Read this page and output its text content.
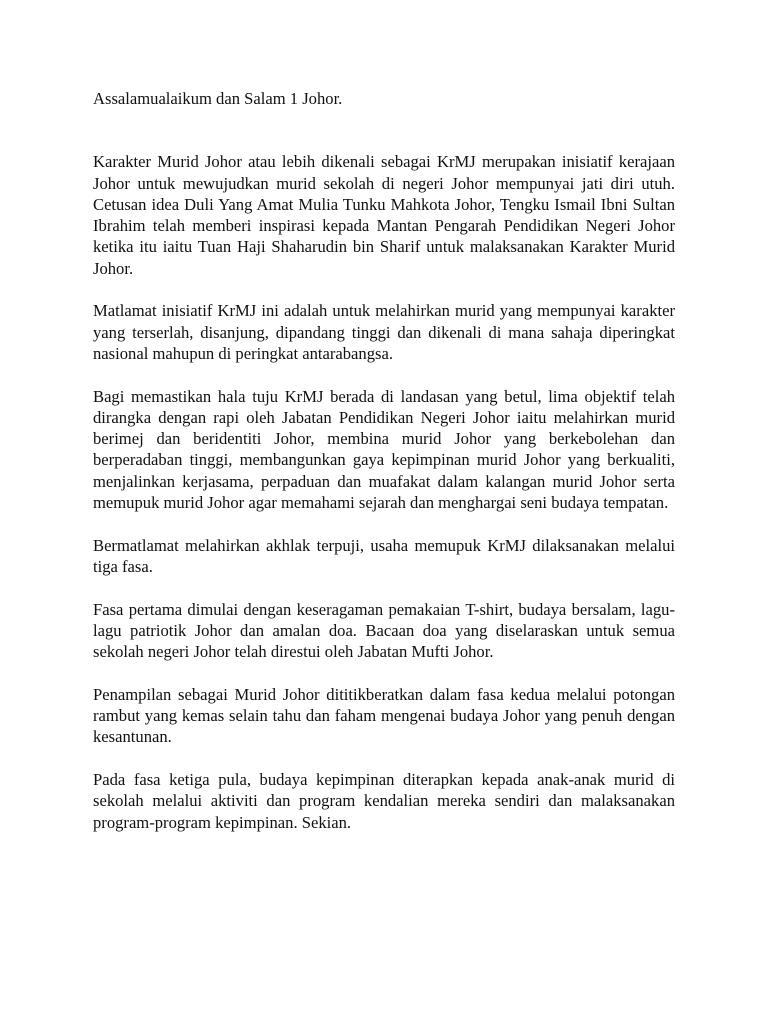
Assalamualaikum dan Salam 1 Johor.

Karakter Murid Johor atau lebih dikenali sebagai KrMJ merupakan inisiatif kerajaan Johor untuk mewujudkan murid sekolah di negeri Johor mempunyai jati diri utuh. Cetusan idea Duli Yang Amat Mulia Tunku Mahkota Johor, Tengku Ismail Ibni Sultan Ibrahim telah memberi inspirasi kepada Mantan Pengarah Pendidikan Negeri Johor ketika itu iaitu Tuan Haji Shaharudin bin Sharif untuk malaksanakan Karakter Murid Johor.

Matlamat inisiatif KrMJ ini adalah untuk melahirkan murid yang mempunyai karakter yang terserlah, disanjung, dipandang tinggi dan dikenali di mana sahaja diperingkat nasional mahupun di peringkat antarabangsa.

Bagi memastikan hala tuju KrMJ berada di landasan yang betul, lima objektif telah dirangka dengan rapi oleh Jabatan Pendidikan Negeri Johor iaitu melahirkan murid berimej dan beridentiti Johor, membina murid Johor yang berkebolehan dan berperadaban tinggi, membangunkan gaya kepimpinan murid Johor yang berkualiti, menjalinkan kerjasama, perpaduan dan muafakat dalam kalangan murid Johor serta memupuk murid Johor agar memahami sejarah dan menghargai seni budaya tempatan.

Bermatlamat melahirkan akhlak terpuji, usaha memupuk KrMJ dilaksanakan melalui tiga fasa.

Fasa pertama dimulai dengan keseragaman pemakaian T-shirt, budaya bersalam, lagu-lagu patriotik Johor dan amalan doa. Bacaan doa yang diselaraskan untuk semua sekolah negeri Johor telah direstui oleh Jabatan Mufti Johor.

Penampilan sebagai Murid Johor dititikberatkan dalam fasa kedua melalui potongan rambut yang kemas selain tahu dan faham mengenai budaya Johor yang penuh dengan kesantunan.

Pada fasa ketiga pula, budaya kepimpinan diterapkan kepada anak-anak murid di sekolah melalui aktiviti dan program kendalian mereka sendiri dan malaksanakan program-program kepimpinan. Sekian.
